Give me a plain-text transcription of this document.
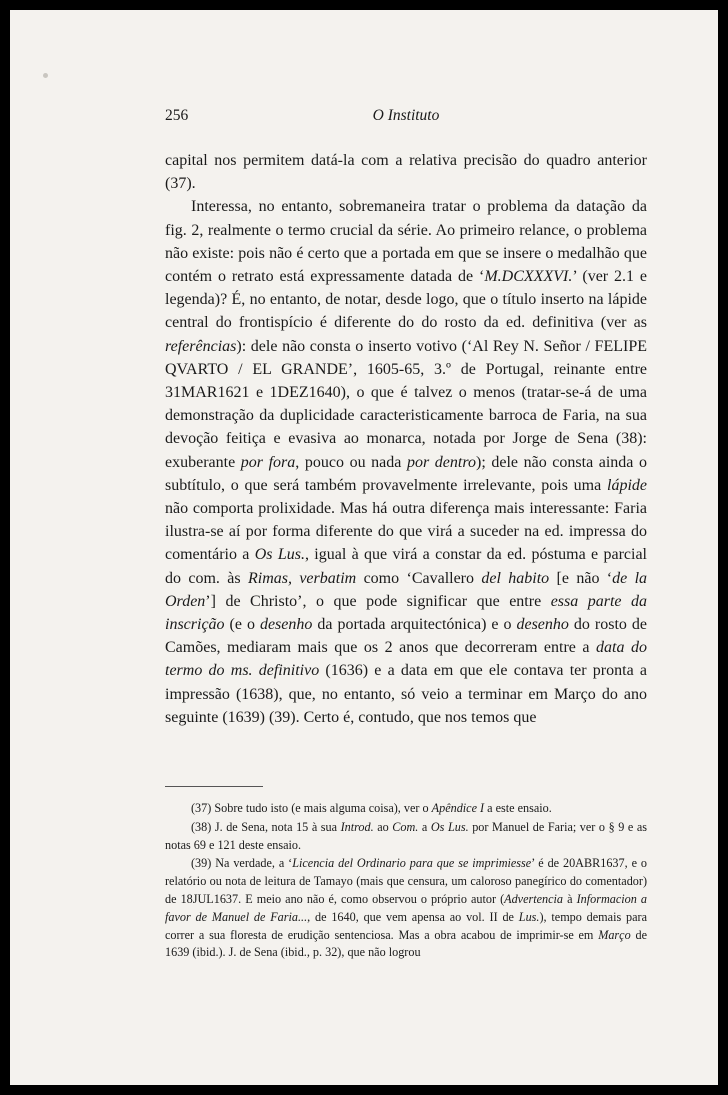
256	O Instituto

capital nos permitem datá-la com a relativa precisão do quadro anterior (37).

Interessa, no entanto, sobremaneira tratar o problema da datação da fig. 2, realmente o termo crucial da série. Ao primeiro relance, o problema não existe: pois não é certo que a portada em que se insere o medalhão que contém o retrato está expressamente datada de ‘M.DCXXXVI.’ (ver 2.1 e legenda)? É, no entanto, de notar, desde logo, que o título inserto na lápide central do frontispício é diferente do do rosto da ed. definitiva (ver as referências): dele não consta o inserto votivo (‘Al Rey N. Señor / FELIPE QVARTO / EL GRANDE’, 1605-65, 3.º de Portugal, reinante entre 31MAR1621 e 1DEZ1640), o que é talvez o menos (tratar-se-á de uma demonstração da duplicidade caracteristicamente barroca de Faria, na sua devoção feitiça e evasiva ao monarca, notada por Jorge de Sena (38): exuberante por fora, pouco ou nada por dentro); dele não consta ainda o subtítulo, o que será também provavelmente irrelevante, pois uma lápide não comporta prolixidade. Mas há outra diferença mais interessante: Faria ilustra-se aí por forma diferente do que virá a suceder na ed. impressa do comentário a Os Lus., igual à que virá a constar da ed. póstuma e parcial do com. às Rimas, verbatim como ‘Cavallero del habito [e não ‘de la Orden’] de Christo’, o que pode significar que entre essa parte da inscrição (e o desenho da portada arquitectónica) e o desenho do rosto de Camões, mediaram mais que os 2 anos que decorreram entre a data do termo do ms. definitivo (1636) e a data em que ele contava ter pronta a impressão (1638), que, no entanto, só veio a terminar em Março do ano seguinte (1639) (39). Certo é, contudo, que nos temos que

(37) Sobre tudo isto (e mais alguma coisa), ver o Apêndice I a este ensaio.

(38) J. de Sena, nota 15 à sua Introd. ao Com. a Os Lus. por Manuel de Faria; ver o § 9 e as notas 69 e 121 deste ensaio.

(39) Na verdade, a ‘Licencia del Ordinario para que se imprimiesse’ é de 20ABR1637, e o relatório ou nota de leitura de Tamayo (mais que censura, um caloroso panegírico do comentador) de 18JUL1637. E meio ano não é, como observou o próprio autor (Advertencia à Informacion a favor de Manuel de Faria..., de 1640, que vem apensa ao vol. II de Lus.), tempo demais para correr a sua floresta de erudição sentenciosa. Mas a obra acabou de imprimir-se em Março de 1639 (ibid.). J. de Sena (ibid., p. 32), que não logrou
